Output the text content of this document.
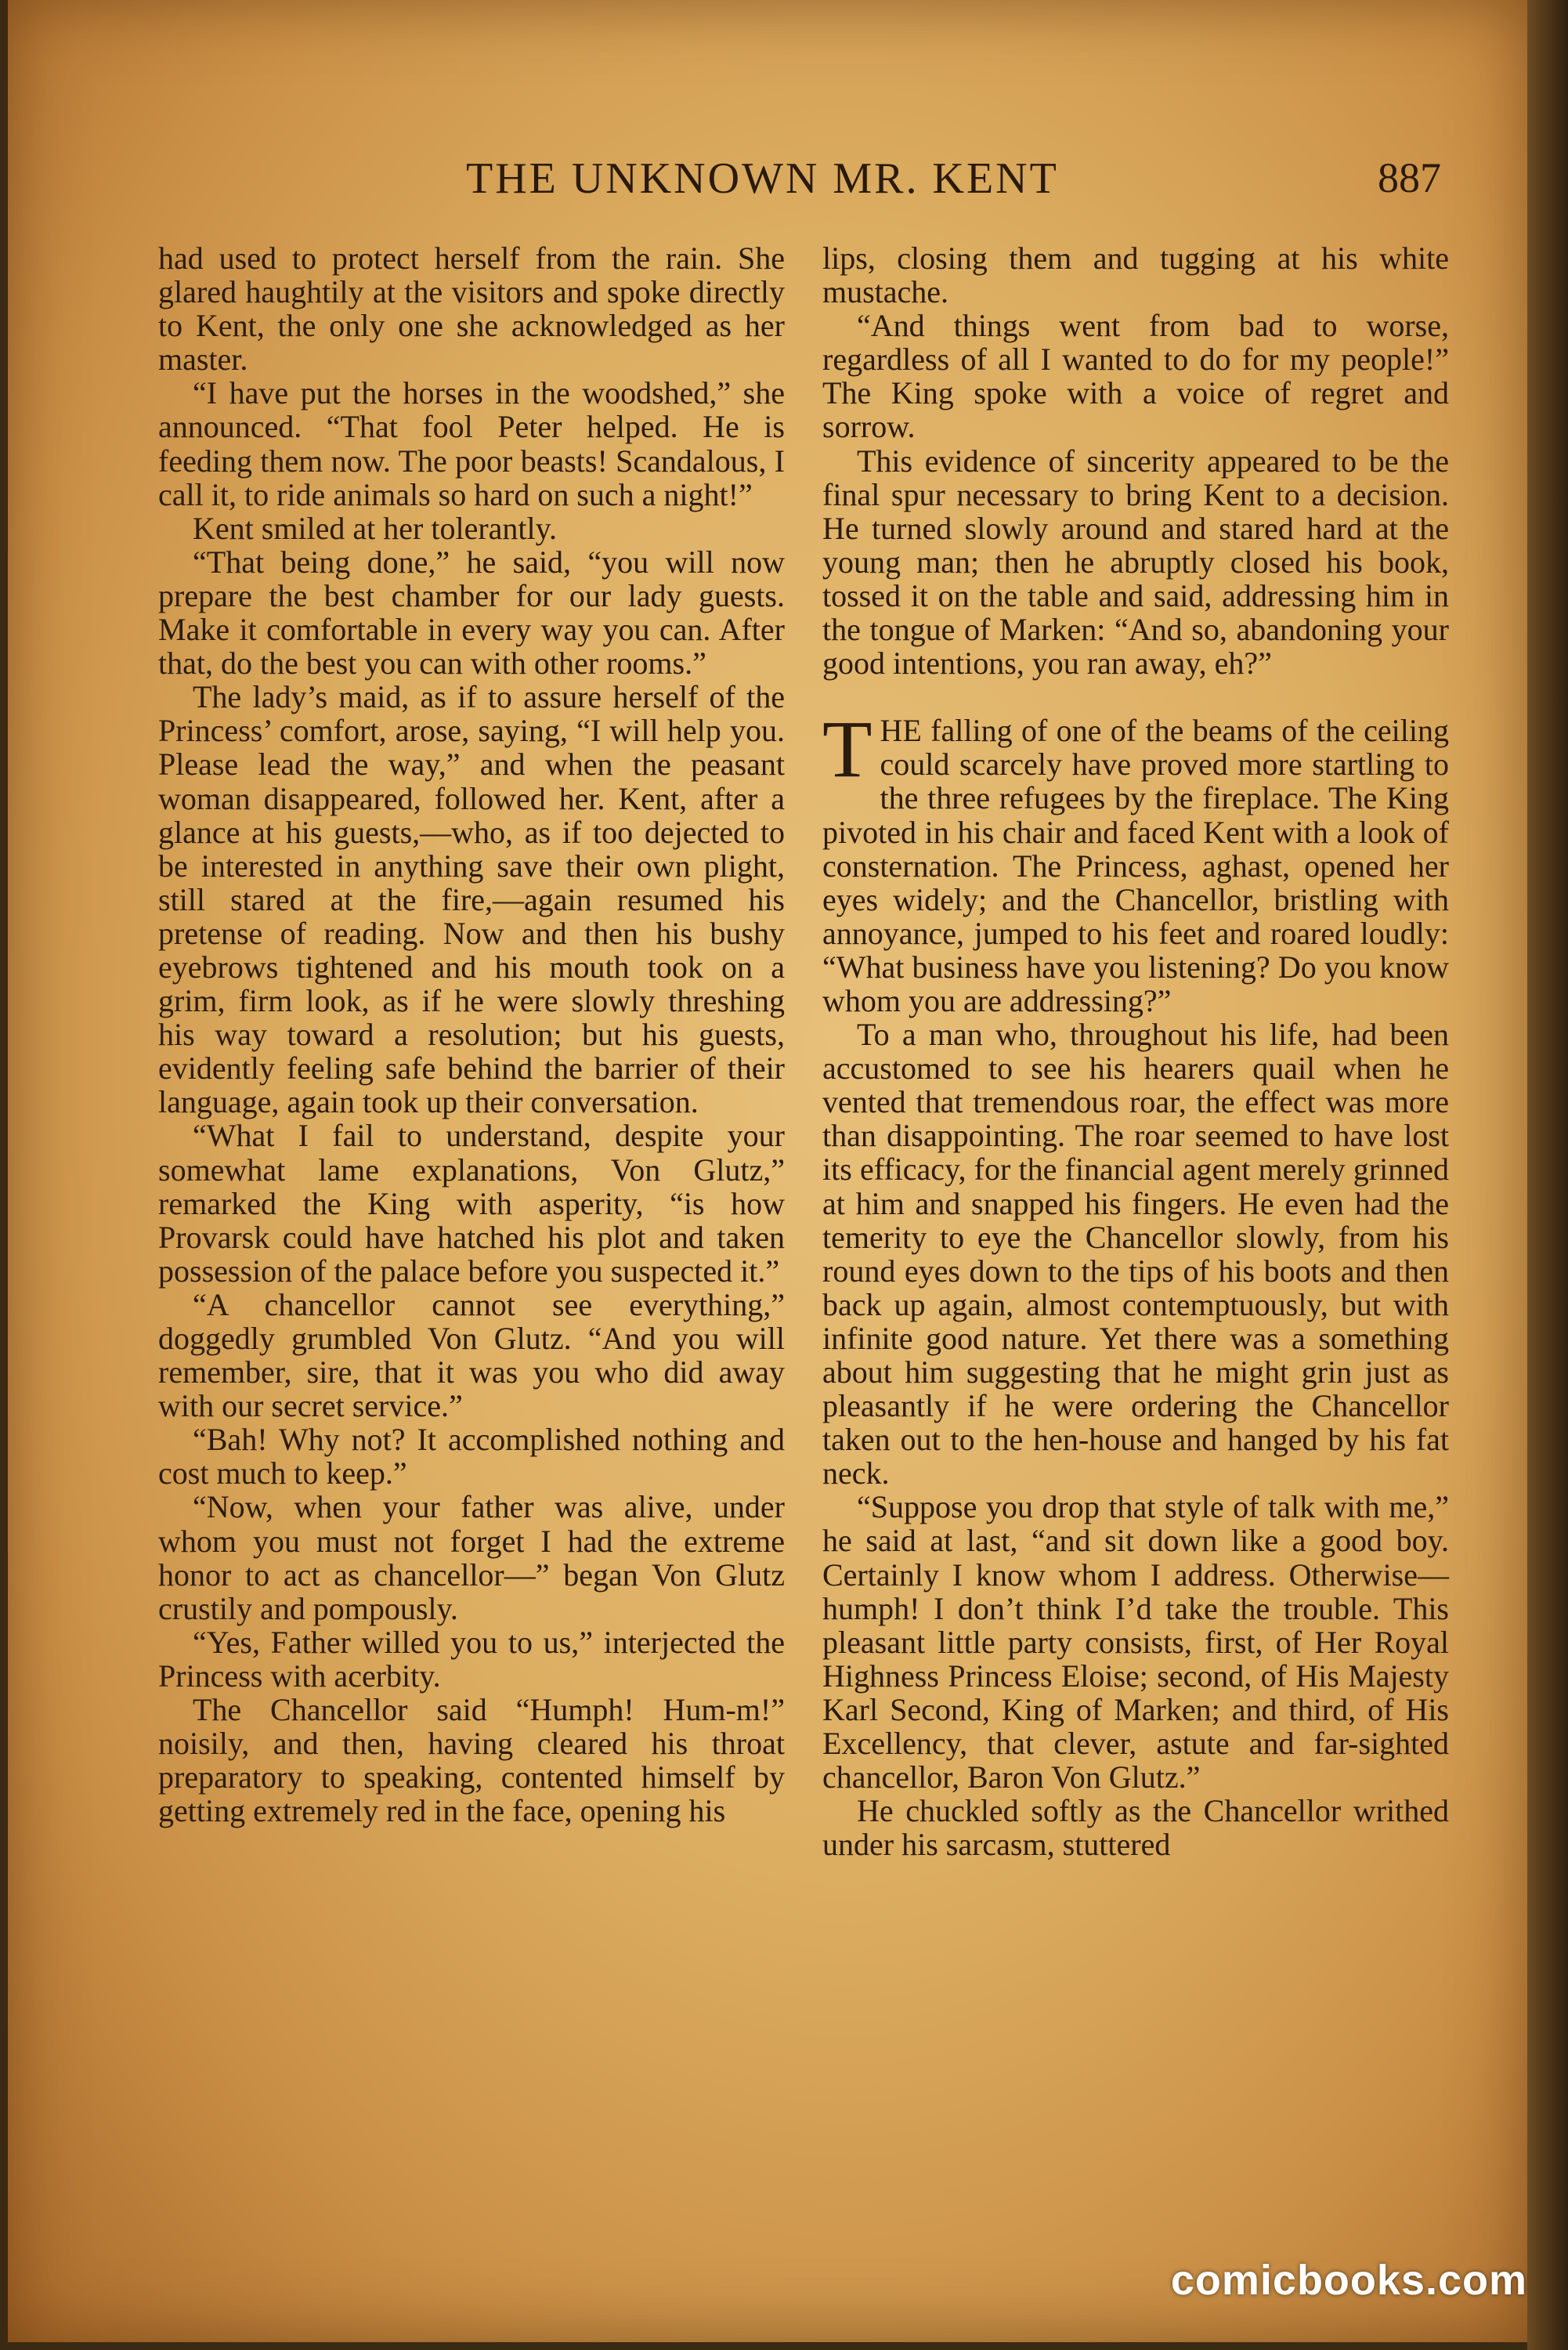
THE UNKNOWN MR. KENT	887

had used to protect herself from the rain. She glared haughtily at the visitors and spoke directly to Kent, the only one she acknowledged as her master.

“I have put the horses in the woodshed,” she announced. “That fool Peter helped. He is feeding them now. The poor beasts! Scandalous, I call it, to ride animals so hard on such a night!”

Kent smiled at her tolerantly.

“That being done,” he said, “you will now prepare the best chamber for our lady guests. Make it comfortable in every way you can. After that, do the best you can with other rooms.”

The lady’s maid, as if to assure herself of the Princess’ comfort, arose, saying, “I will help you. Please lead the way,” and when the peasant woman disappeared, followed her. Kent, after a glance at his guests,—who, as if too dejected to be interested in anything save their own plight, still stared at the fire,—again resumed his pretense of reading. Now and then his bushy eyebrows tightened and his mouth took on a grim, firm look, as if he were slowly threshing his way toward a resolution; but his guests, evidently feeling safe behind the barrier of their language, again took up their conversation.

“What I fail to understand, despite your somewhat lame explanations, Von Glutz,” remarked the King with asperity, “is how Provarsk could have hatched his plot and taken possession of the palace before you suspected it.”

“A chancellor cannot see everything,” doggedly grumbled Von Glutz. “And you will remember, sire, that it was you who did away with our secret service.”

“Bah! Why not? It accomplished nothing and cost much to keep.”

“Now, when your father was alive, under whom you must not forget I had the extreme honor to act as chancellor—” began Von Glutz crustily and pompously.

“Yes, Father willed you to us,” interjected the Princess with acerbity.

The Chancellor said “Humph! Hum-m!” noisily, and then, having cleared his throat preparatory to speaking, contented himself by getting extremely red in the face, opening his

lips, closing them and tugging at his white mustache.

“And things went from bad to worse, regardless of all I wanted to do for my people!” The King spoke with a voice of regret and sorrow.

This evidence of sincerity appeared to be the final spur necessary to bring Kent to a decision. He turned slowly around and stared hard at the young man; then he abruptly closed his book, tossed it on the table and said, addressing him in the tongue of Marken: “And so, abandoning your good intentions, you ran away, eh?”

THE falling of one of the beams of the ceiling could scarcely have proved more startling to the three refugees by the fireplace. The King pivoted in his chair and faced Kent with a look of consternation. The Princess, aghast, opened her eyes widely; and the Chancellor, bristling with annoyance, jumped to his feet and roared loudly: “What business have you listening? Do you know whom you are addressing?”

To a man who, throughout his life, had been accustomed to see his hearers quail when he vented that tremendous roar, the effect was more than disappointing. The roar seemed to have lost its efficacy, for the financial agent merely grinned at him and snapped his fingers. He even had the temerity to eye the Chancellor slowly, from his round eyes down to the tips of his boots and then back up again, almost contemptuously, but with infinite good nature. Yet there was a something about him suggesting that he might grin just as pleasantly if he were ordering the Chancellor taken out to the hen-house and hanged by his fat neck.

“Suppose you drop that style of talk with me,” he said at last, “and sit down like a good boy. Certainly I know whom I address. Otherwise—humph! I don’t think I’d take the trouble. This pleasant little party consists, first, of Her Royal Highness Princess Eloise; second, of His Majesty Karl Second, King of Marken; and third, of His Excellency, that clever, astute and far-sighted chancellor, Baron Von Glutz.”

He chuckled softly as the Chancellor writhed under his sarcasm, stuttered

comicbooks.com
